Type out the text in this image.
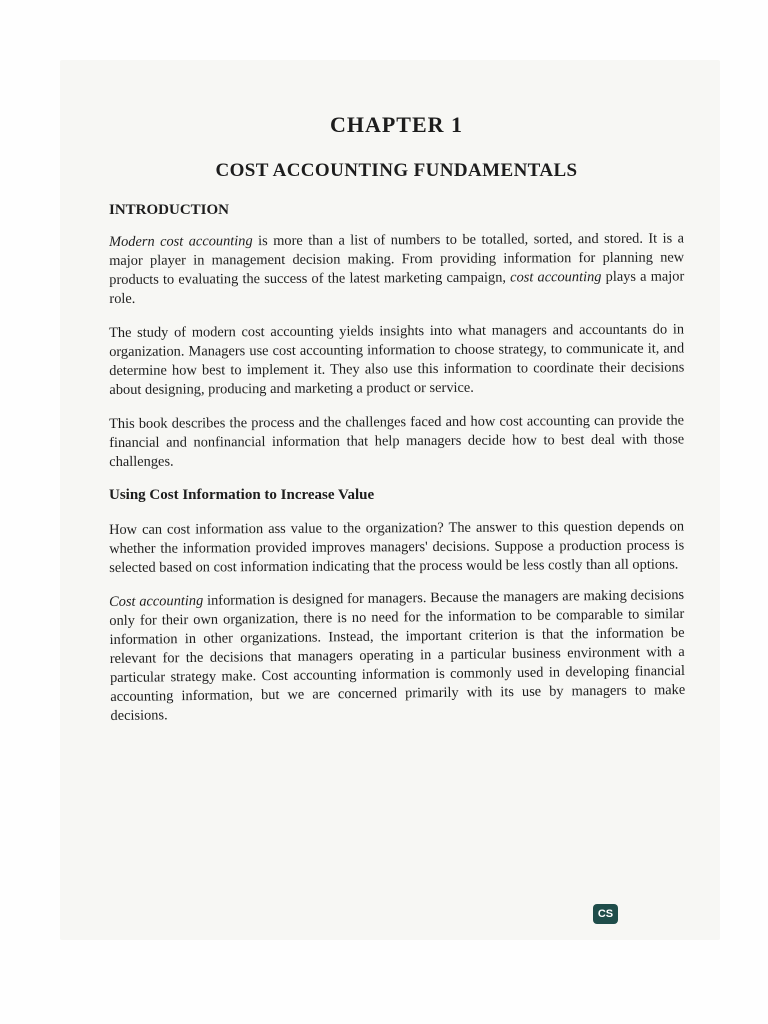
CHAPTER 1
COST ACCOUNTING FUNDAMENTALS
INTRODUCTION

Modern cost accounting is more than a list of numbers to be totalled, sorted, and stored. It is a major player in management decision making. From providing information for planning new products to evaluating the success of the latest marketing campaign, cost accounting plays a major role.

The study of modern cost accounting yields insights into what managers and accountants do in organization. Managers use cost accounting information to choose strategy, to communicate it, and determine how best to implement it. They also use this information to coordinate their decisions about designing, producing and marketing a product or service.

This book describes the process and the challenges faced and how cost accounting can provide the financial and nonfinancial information that help managers decide how to best deal with those challenges.

Using Cost Information to Increase Value

How can cost information ass value to the organization? The answer to this question depends on whether the information provided improves managers' decisions. Suppose a production process is selected based on cost information indicating that the process would be less costly than all options.

Cost accounting information is designed for managers. Because the managers are making decisions only for their own organization, there is no need for the information to be comparable to similar information in other organizations. Instead, the important criterion is that the information be relevant for the decisions that managers operating in a particular business environment with a particular strategy make. Cost accounting information is commonly used in developing financial accounting information, but we are concerned primarily with its use by managers to make decisions.

CS
